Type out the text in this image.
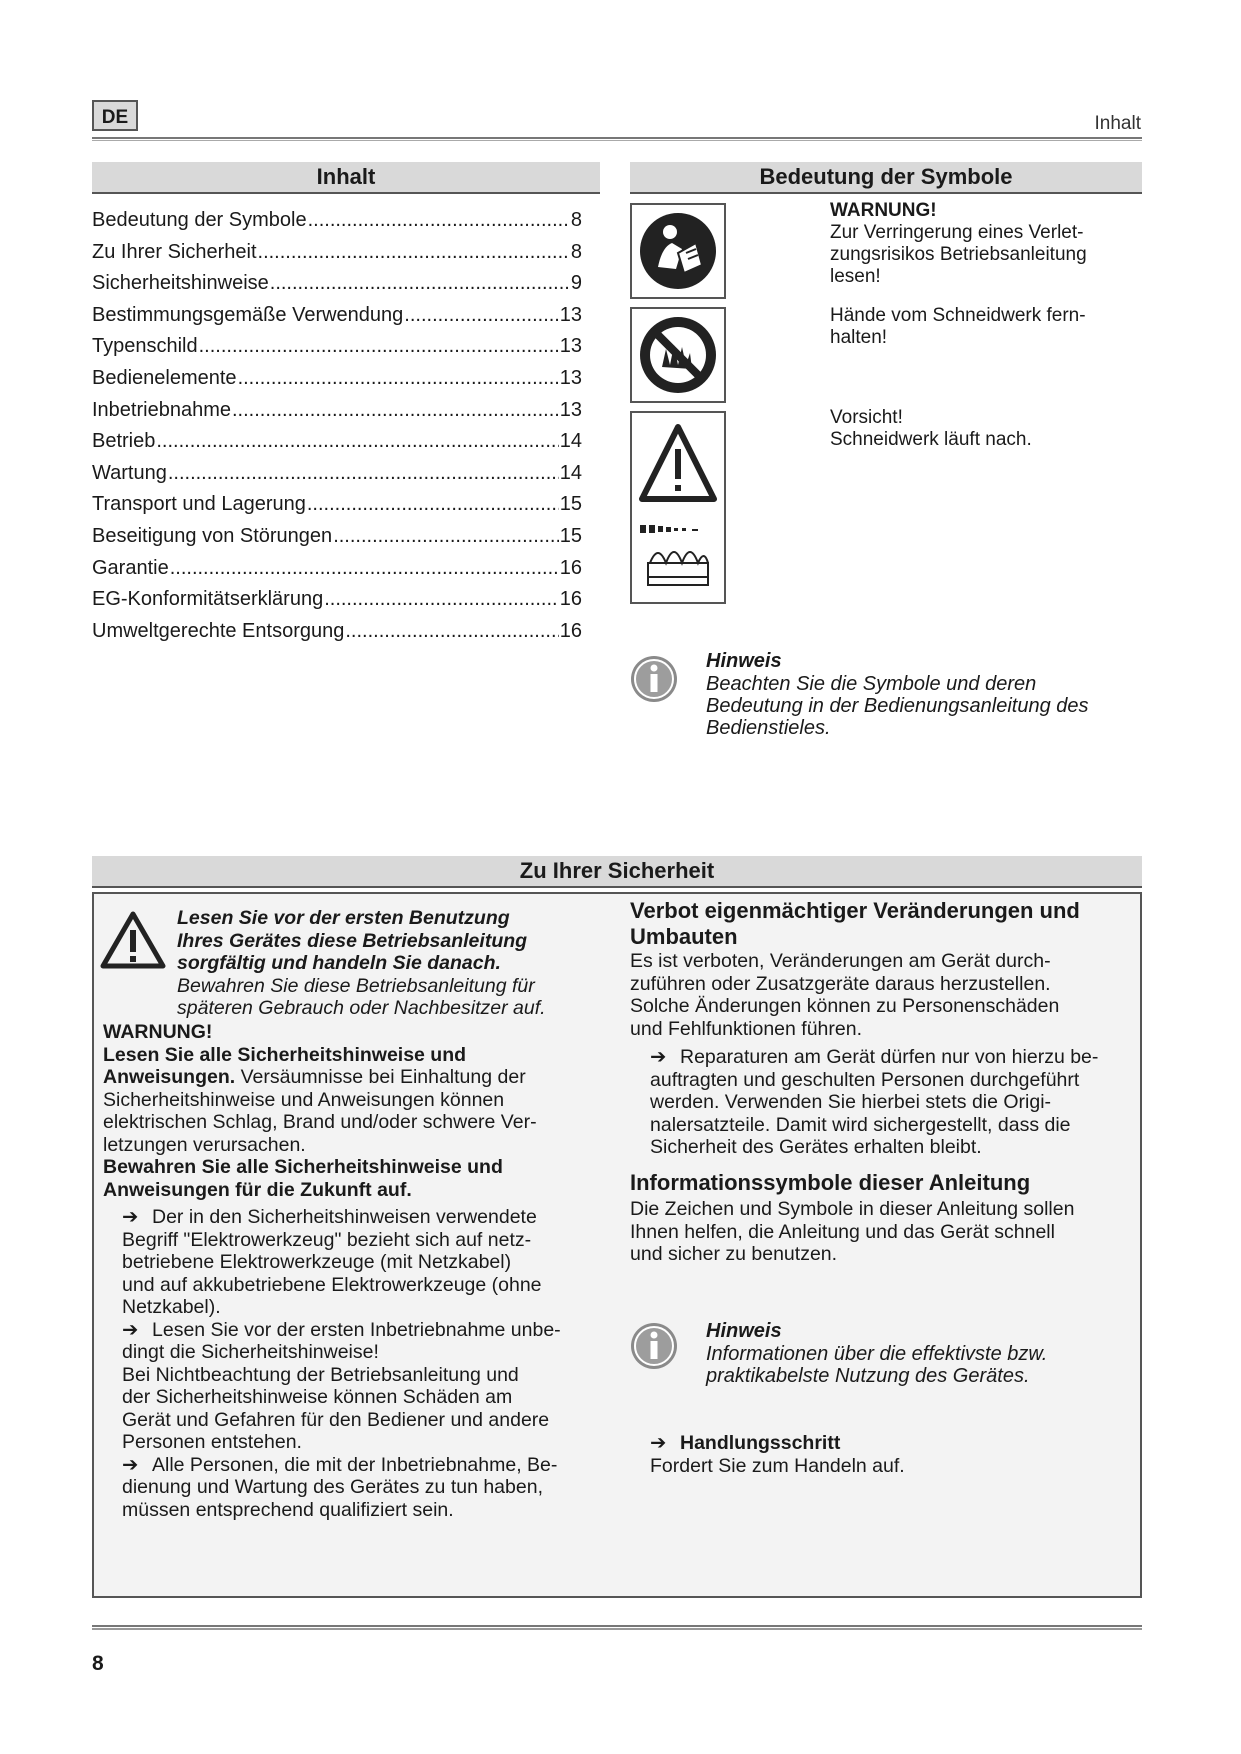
DE	Inhalt
Inhalt
Bedeutung der Symbole .....	8
Zu Ihrer Sicherheit .....	8
Sicherheitshinweise .....	9
Bestimmungsgemäße Verwendung .....	13
Typenschild .....	13
Bedienelemente .....	13
Inbetriebnahme .....	13
Betrieb .....	14
Wartung .....	14
Transport und Lagerung .....	15
Beseitigung von Störungen .....	15
Garantie .....	16
EG-Konformitätserklärung .....	16
Umweltgerechte Entsorgung .....	16
Bedeutung der Symbole
WARNUNG!
Zur Verringerung eines Verlet-
zungsrisikos Betriebsanleitung
lesen!
Hände vom Schneidwerk fern-
halten!
Vorsicht!
Schneidwerk läuft nach.
Hinweis
Beachten Sie die Symbole und deren
Bedeutung in der Bedienungsanleitung des
Bedienstieles.
Zu Ihrer Sicherheit
Lesen Sie vor der ersten Benutzung
Ihres Gerätes diese Betriebsanleitung
sorgfältig und handeln Sie danach.
Bewahren Sie diese Betriebsanleitung für
späteren Gebrauch oder Nachbesitzer auf.
WARNUNG!
Lesen Sie alle Sicherheitshinweise und
Anweisungen. Versäumnisse bei Einhaltung der
Sicherheitshinweise und Anweisungen können
elektrischen Schlag, Brand und/oder schwere Ver-
letzungen verursachen.
Bewahren Sie alle Sicherheitshinweise und
Anweisungen für die Zukunft auf.
➔ Der in den Sicherheitshinweisen verwendete
Begriff "Elektrowerkzeug" bezieht sich auf netz-
betriebene Elektrowerkzeuge (mit Netzkabel)
und auf akkubetriebene Elektrowerkzeuge (ohne
Netzkabel).
➔ Lesen Sie vor der ersten Inbetriebnahme unbe-
dingt die Sicherheitshinweise!
Bei Nichtbeachtung der Betriebsanleitung und
der Sicherheitshinweise können Schäden am
Gerät und Gefahren für den Bediener und andere
Personen entstehen.
➔ Alle Personen, die mit der Inbetriebnahme, Be-
dienung und Wartung des Gerätes zu tun haben,
müssen entsprechend qualifiziert sein.
Verbot eigenmächtiger Veränderungen und
Umbauten
Es ist verboten, Veränderungen am Gerät durch-
zuführen oder Zusatzgeräte daraus herzustellen.
Solche Änderungen können zu Personenschäden
und Fehlfunktionen führen.
➔ Reparaturen am Gerät dürfen nur von hierzu be-
auftragten und geschulten Personen durchgeführt
werden. Verwenden Sie hierbei stets die Origi-
nalersatzteile. Damit wird sichergestellt, dass die
Sicherheit des Gerätes erhalten bleibt.
Informationssymbole dieser Anleitung
Die Zeichen und Symbole in dieser Anleitung sollen
Ihnen helfen, die Anleitung und das Gerät schnell
und sicher zu benutzen.
Hinweis
Informationen über die effektivste bzw.
praktikabelste Nutzung des Gerätes.
➔ Handlungsschritt
Fordert Sie zum Handeln auf.
8
